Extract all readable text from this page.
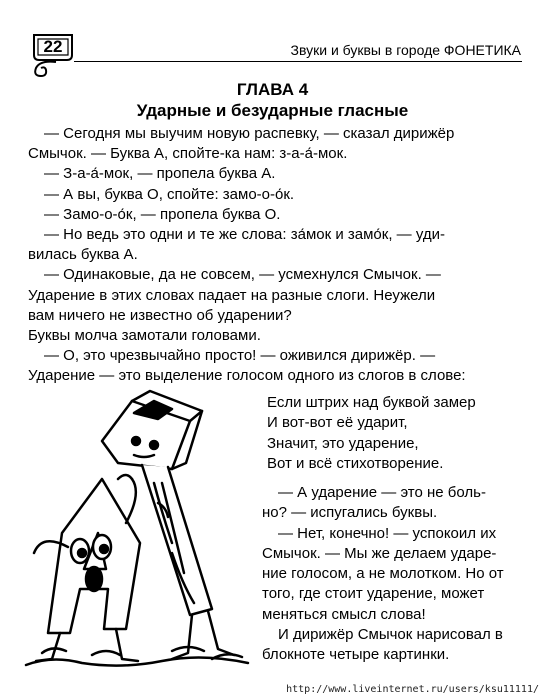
22	Звуки и буквы в городе ФОНЕТИКА
ГЛАВА 4
Ударные и безударные гласные
— Сегодня мы выучим новую распевку, — сказал дирижёр
Смычок. — Буква А, спойте-ка нам: з-а-а́-мок.
— З-а-а́-мок, — пропела буква А.
— А вы, буква О, спойте: замо-о-о́к.
— Замо-о-о́к, — пропела буква О.
— Но ведь это одни и те же слова: за́мок и замо́к, — уди-
вилась буква А.
— Одинаковые, да не совсем, — усмехнулся Смычок. —
Ударение в этих словах падает на разные слоги. Неужели
вам ничего не известно об ударении?
Буквы молча замотали головами.
— О, это чрезвычайно просто! — оживился дирижёр. —
Ударение — это выделение голосом одного из слогов в слове:
Если штрих над буквой замер
И вот-вот её ударит,
Значит, это ударение,
Вот и всё стихотворение.
— А ударение — это не боль-
но? — испугались буквы.
— Нет, конечно! — успокоил их
Смычок. — Мы же делаем ударе-
ние голосом, а не молотком. Но от
того, где стоит ударение, может
меняться смысл слова!
И дирижёр Смычок нарисовал в
блокноте четыре картинки.
http://www.liveinternet.ru/users/ksu11111/
